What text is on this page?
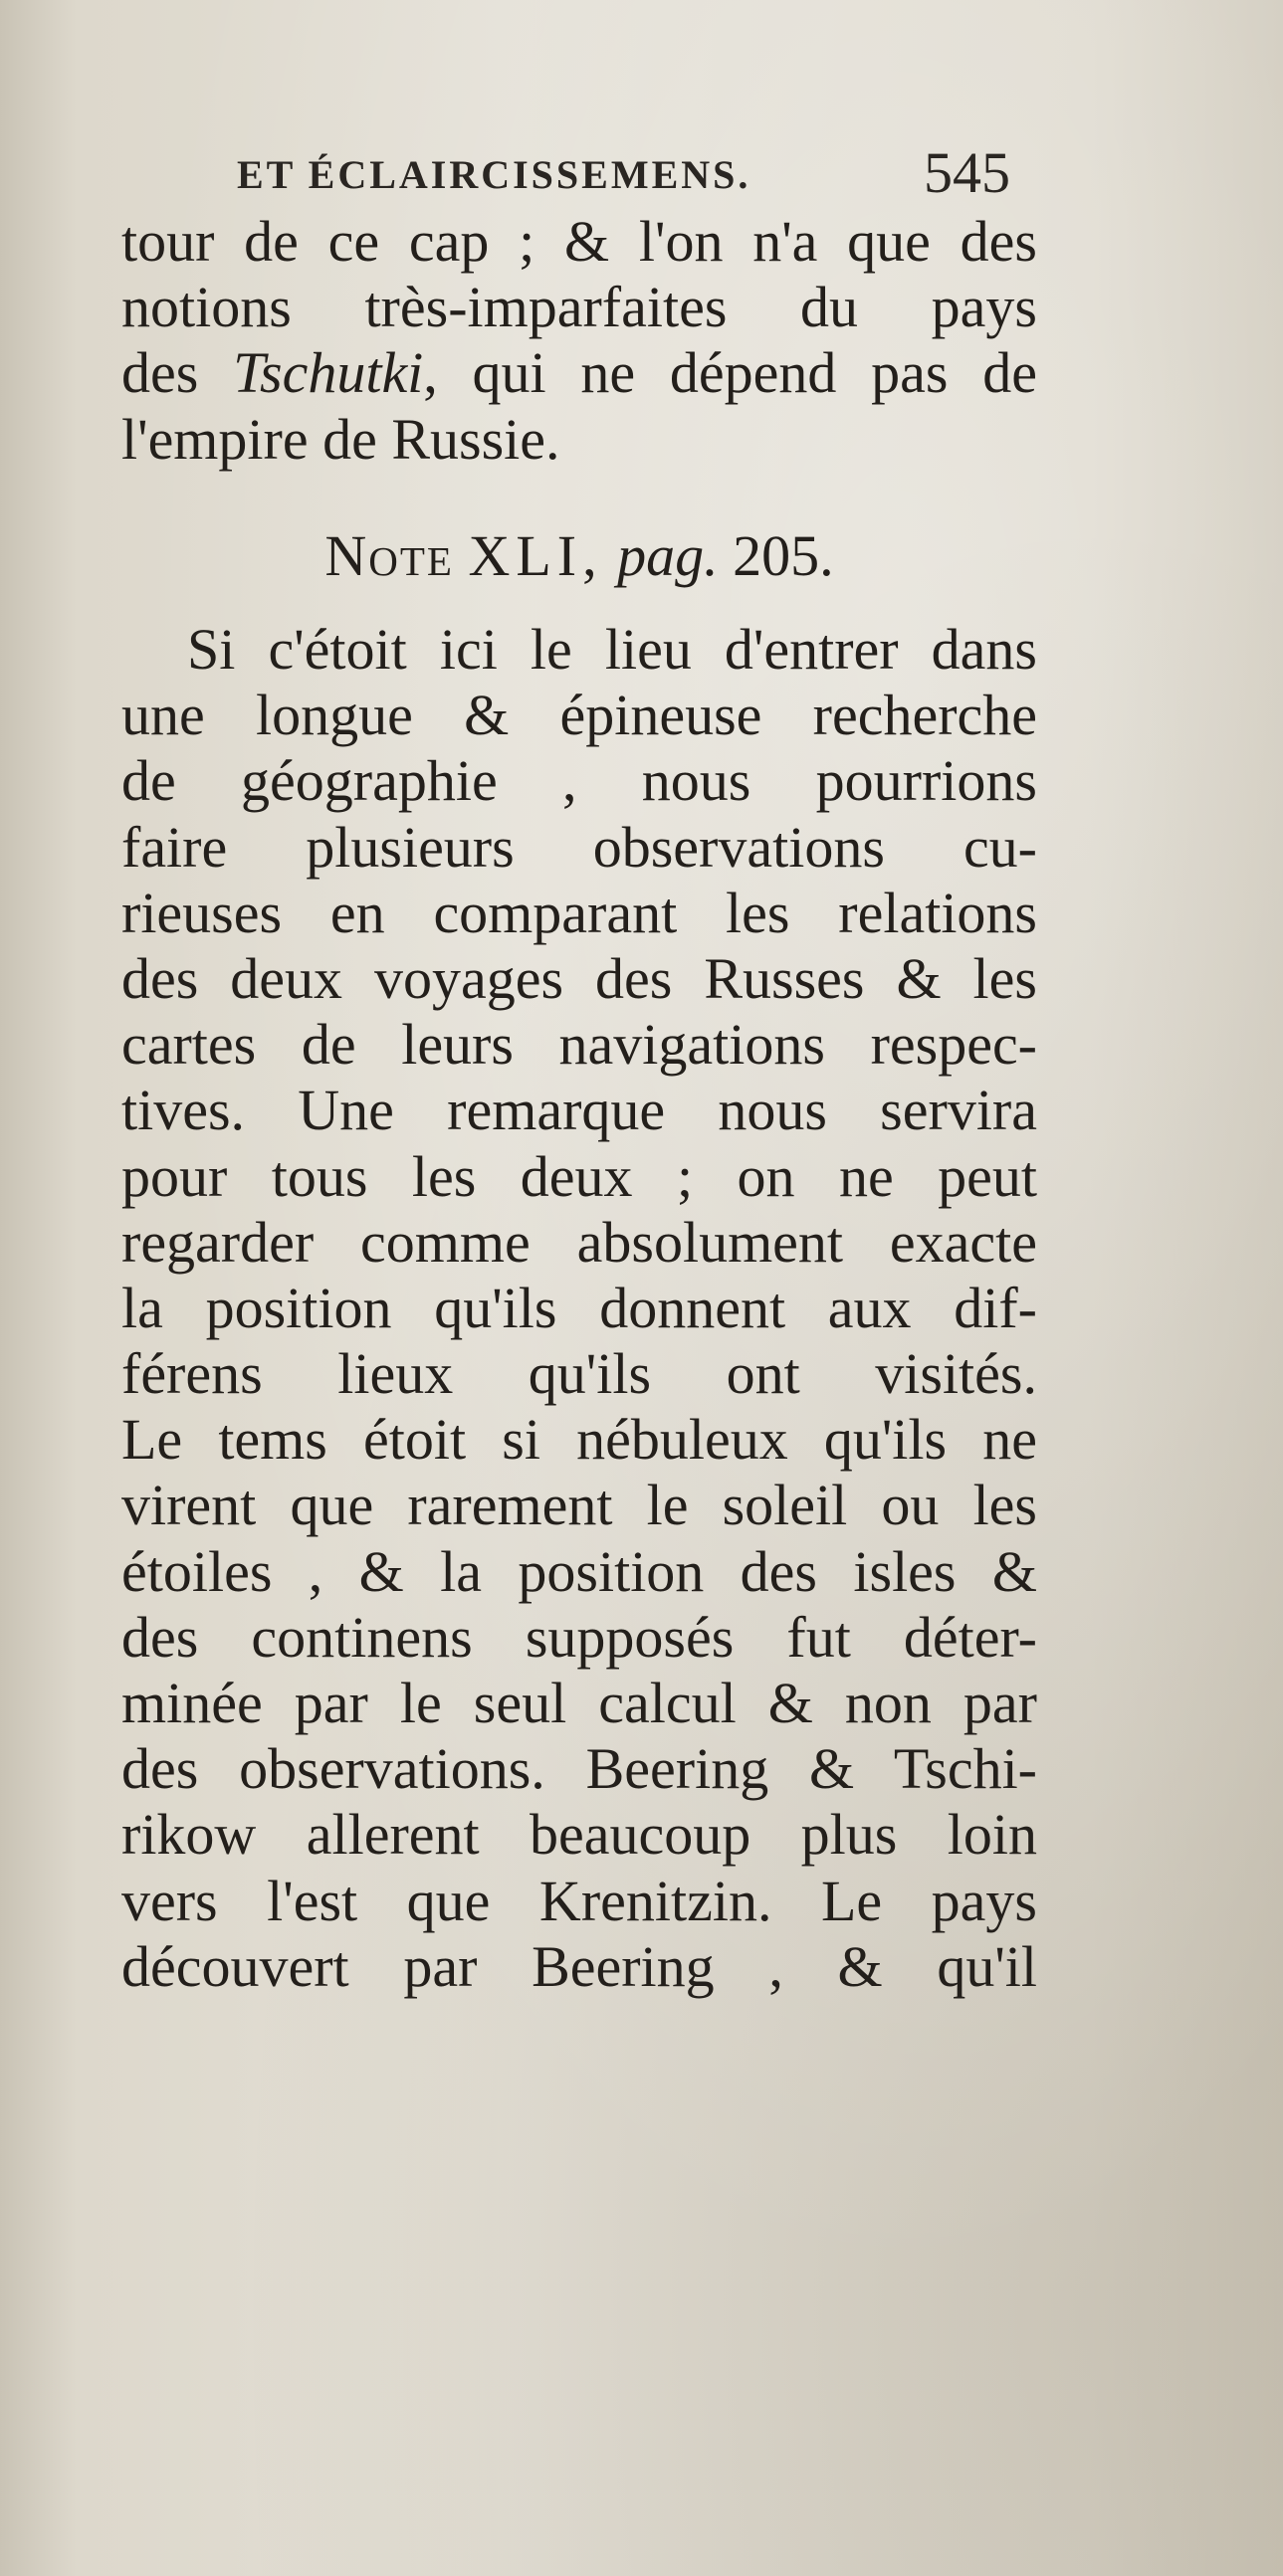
ET ÉCLAIRCISSEMENS.	545
tour de ce cap ; & l'on n'a que des
notions très-imparfaites du pays
des Tschutki, qui ne dépend pas de
l'empire de Russie.
Note XLI, pag. 205.
Si c'étoit ici le lieu d'entrer dans
une longue & épineuse recherche
de géographie , nous pourrions
faire plusieurs observations cu-
rieuses en comparant les relations
des deux voyages des Russes & les
cartes de leurs navigations respec-
tives. Une remarque nous servira
pour tous les deux ; on ne peut
regarder comme absolument exacte
la position qu'ils donnent aux dif-
férens lieux qu'ils ont visités.
Le tems étoit si nébuleux qu'ils ne
virent que rarement le soleil ou les
étoiles , & la position des isles &
des continens supposés fut déter-
minée par le seul calcul & non par
des observations. Beering & Tschi-
rikow allerent beaucoup plus loin
vers l'est que Krenitzin. Le pays
découvert par Beering , & qu'il
